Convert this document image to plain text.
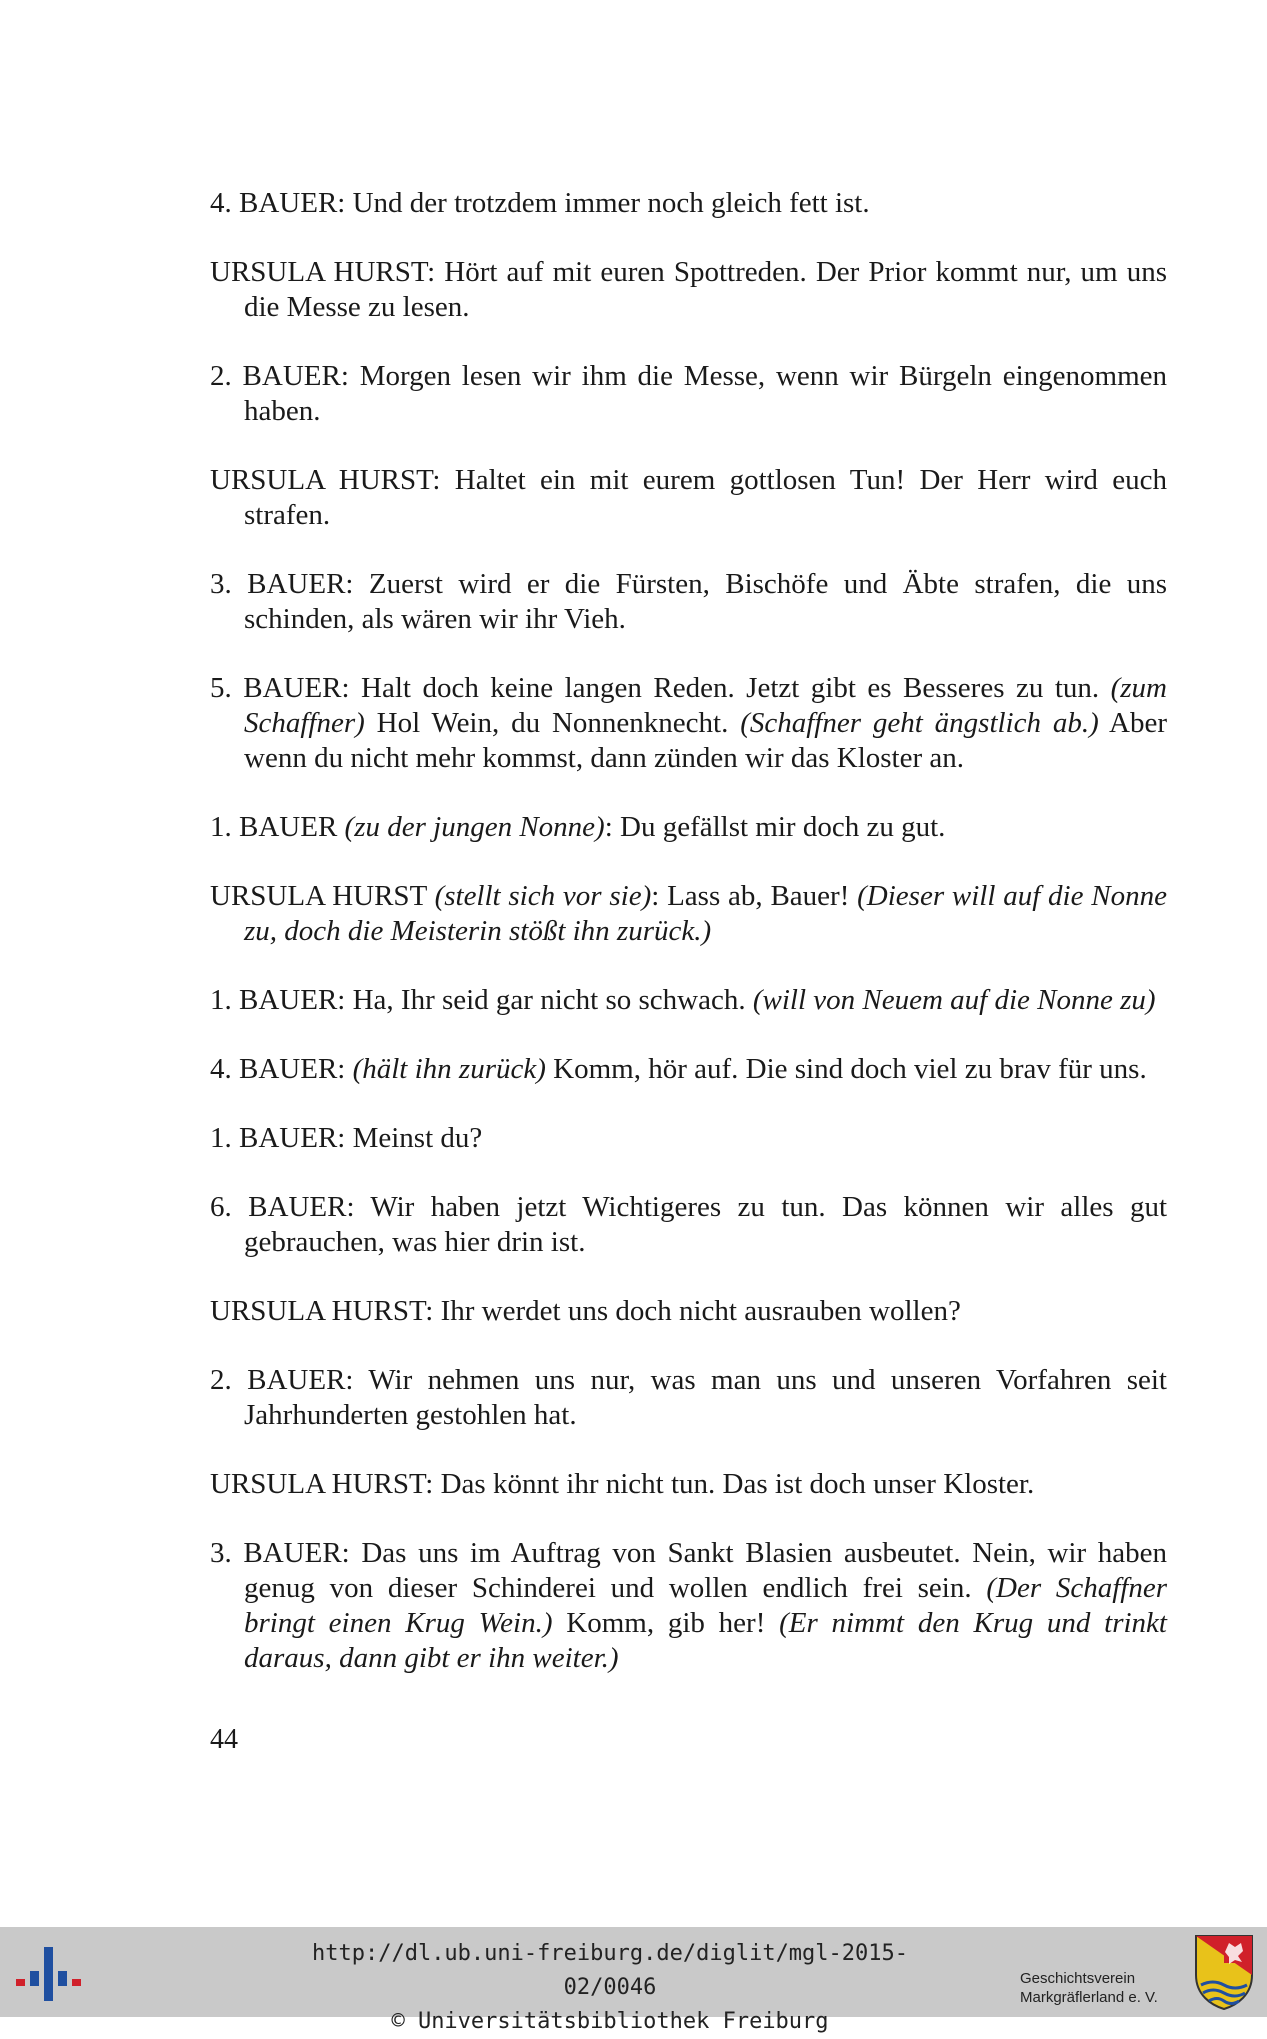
4. BAUER: Und der trotzdem immer noch gleich fett ist.

URSULA HURST: Hört auf mit euren Spottreden. Der Prior kommt nur, um uns die Messe zu lesen.

2. BAUER: Morgen lesen wir ihm die Messe, wenn wir Bürgeln eingenommen haben.

URSULA HURST: Haltet ein mit eurem gottlosen Tun! Der Herr wird euch strafen.

3. BAUER: Zuerst wird er die Fürsten, Bischöfe und Äbte strafen, die uns schinden, als wären wir ihr Vieh.

5. BAUER: Halt doch keine langen Reden. Jetzt gibt es Besseres zu tun. (zum Schaffner) Hol Wein, du Nonnenknecht. (Schaffner geht ängstlich ab.) Aber wenn du nicht mehr kommst, dann zünden wir das Kloster an.

1. BAUER (zu der jungen Nonne): Du gefällst mir doch zu gut.

URSULA HURST (stellt sich vor sie): Lass ab, Bauer! (Dieser will auf die Nonne zu, doch die Meisterin stößt ihn zurück.)

1. BAUER: Ha, Ihr seid gar nicht so schwach. (will von Neuem auf die Nonne zu)

4. BAUER: (hält ihn zurück) Komm, hör auf. Die sind doch viel zu brav für uns.

1. BAUER: Meinst du?

6. BAUER: Wir haben jetzt Wichtigeres zu tun. Das können wir alles gut gebrauchen, was hier drin ist.

URSULA HURST: Ihr werdet uns doch nicht ausrauben wollen?

2. BAUER: Wir nehmen uns nur, was man uns und unseren Vorfahren seit Jahrhunderten gestohlen hat.

URSULA HURST: Das könnt ihr nicht tun. Das ist doch unser Kloster.

3. BAUER: Das uns im Auftrag von Sankt Blasien ausbeutet. Nein, wir haben genug von dieser Schinderei und wollen endlich frei sein. (Der Schaffner bringt einen Krug Wein.) Komm, gib her! (Er nimmt den Krug und trinkt daraus, dann gibt er ihn weiter.)

44
http://dl.ub.uni-freiburg.de/diglit/mgl-2015-02/0046
© Universitätsbibliothek Freiburg
Geschichtsverein
Markgräflerland e. V.
